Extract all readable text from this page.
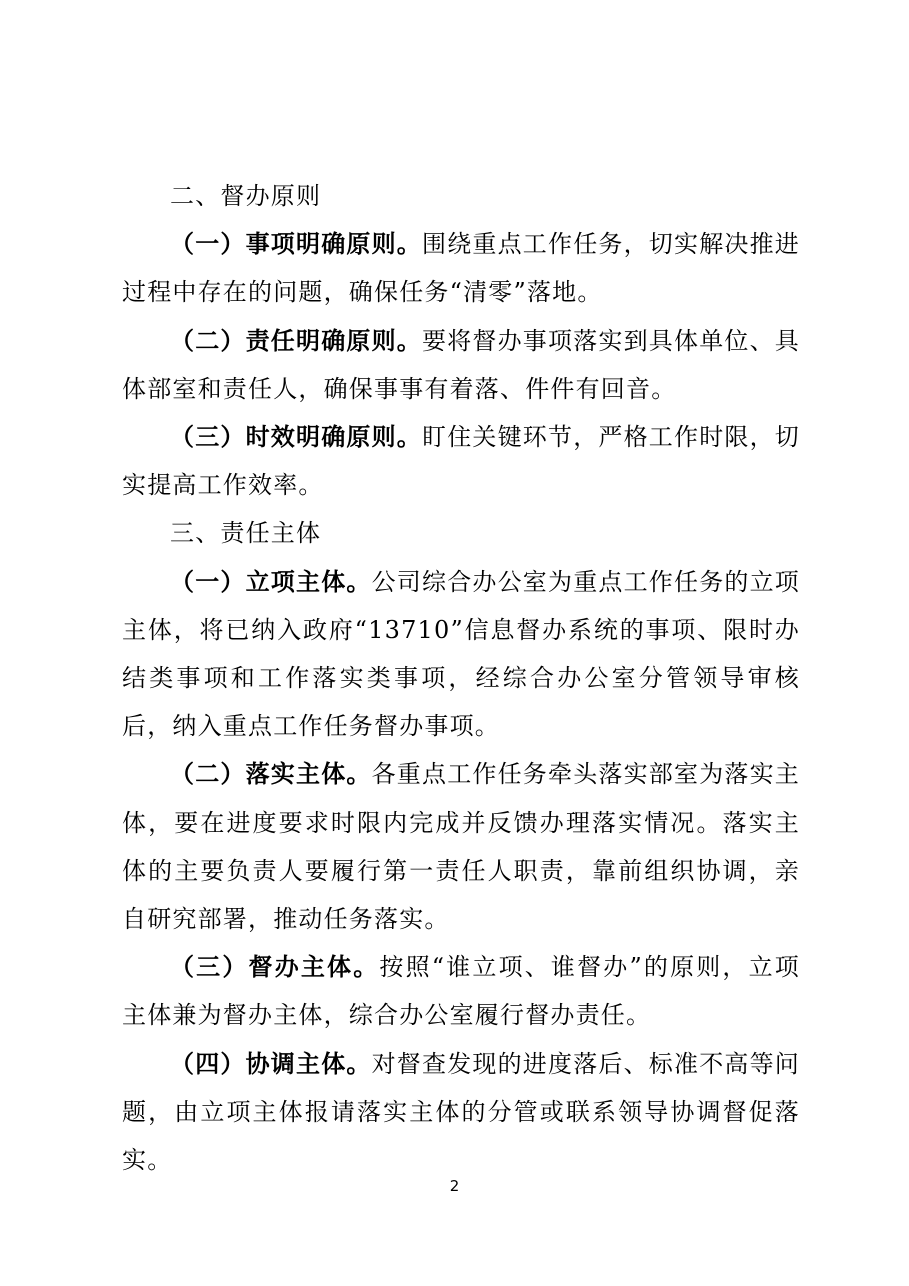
二、督办原则

（一）事项明确原则。围绕重点工作任务，切实解决推进过程中存在的问题，确保任务“清零”落地。

（二）责任明确原则。要将督办事项落实到具体单位、具体部室和责任人，确保事事有着落、件件有回音。

（三）时效明确原则。盯住关键环节，严格工作时限，切实提高工作效率。

三、责任主体

（一）立项主体。公司综合办公室为重点工作任务的立项主体，将已纳入政府“13710”信息督办系统的事项、限时办结类事项和工作落实类事项，经综合办公室分管领导审核后，纳入重点工作任务督办事项。

（二）落实主体。各重点工作任务牵头落实部室为落实主体，要在进度要求时限内完成并反馈办理落实情况。落实主体的主要负责人要履行第一责任人职责，靠前组织协调，亲自研究部署，推动任务落实。

（三）督办主体。按照“谁立项、谁督办”的原则，立项主体兼为督办主体，综合办公室履行督办责任。

（四）协调主体。对督查发现的进度落后、标准不高等问题，由立项主体报请落实主体的分管或联系领导协调督促落实。

2
